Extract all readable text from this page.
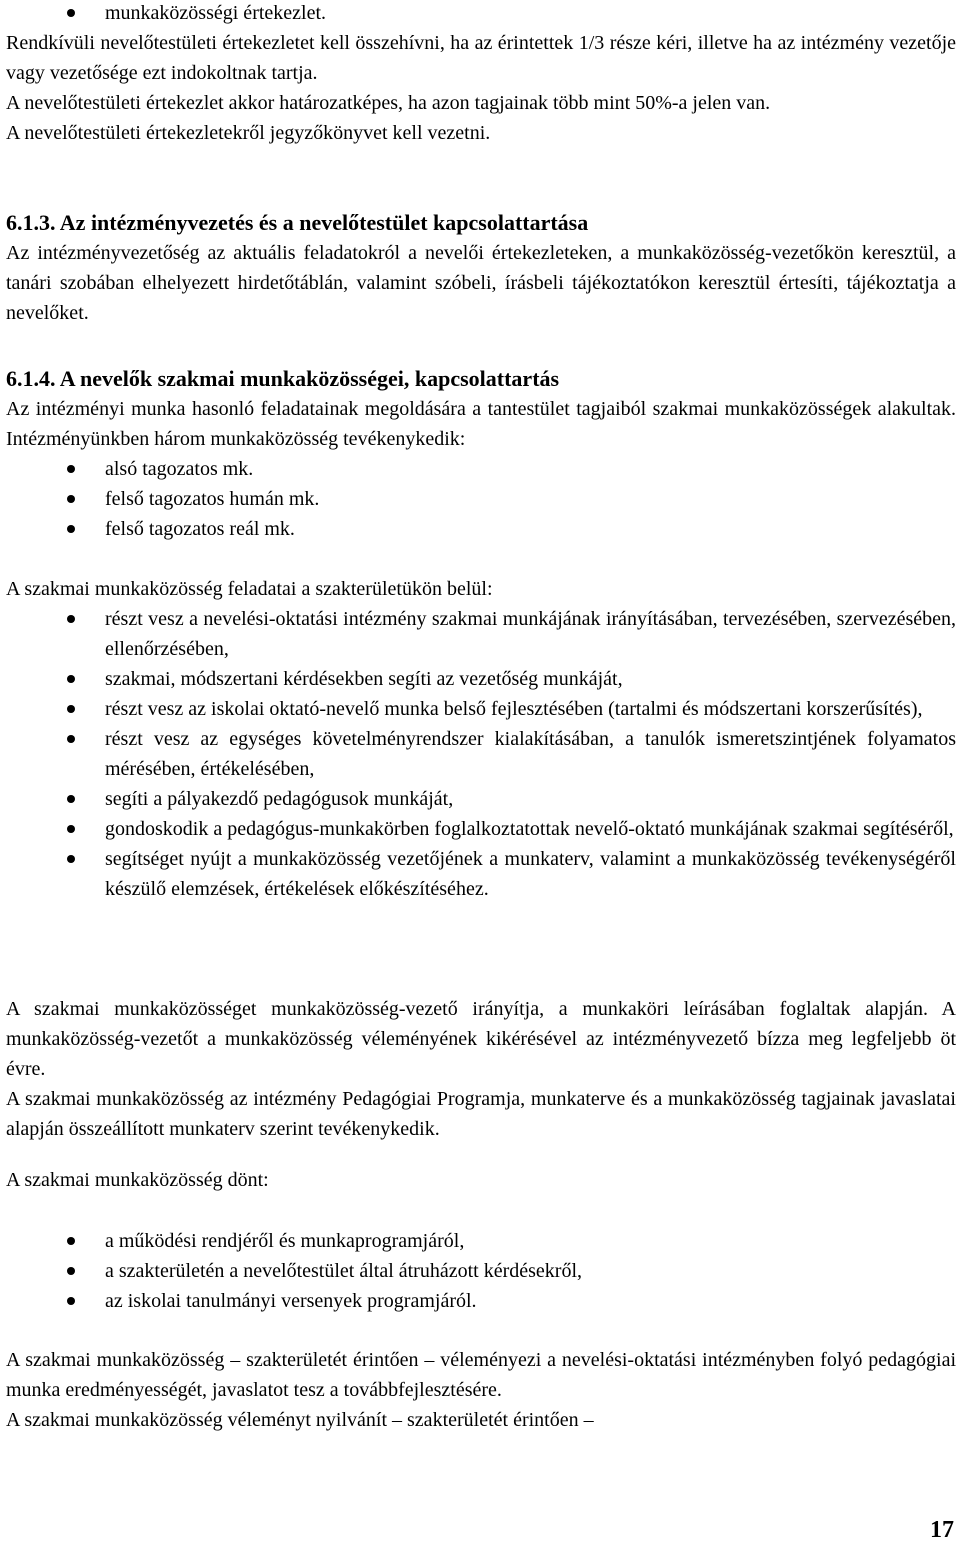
munkaközösségi értekezlet.

Rendkívüli nevelőtestületi értekezletet kell összehívni, ha az érintettek 1/3 része kéri, illetve ha az intézmény vezetője vagy vezetősége ezt indokoltnak tartja.

A nevelőtestületi értekezlet akkor határozatképes, ha azon tagjainak több mint 50%-a jelen van.

A nevelőtestületi értekezletekről jegyzőkönyvet kell vezetni.

6.1.3. Az intézményvezetés és a nevelőtestület kapcsolattartása

Az intézményvezetőség az aktuális feladatokról a nevelői értekezleteken, a munkaközösség-vezetőkön keresztül, a tanári szobában elhelyezett hirdetőtáblán, valamint szóbeli, írásbeli tájékoztatókon keresztül értesíti, tájékoztatja a nevelőket.

6.1.4. A nevelők szakmai munkaközösségei, kapcsolattartás

Az intézményi munka hasonló feladatainak megoldására a tantestület tagjaiból szakmai munkaközösségek alakultak. Intézményünkben három munkaközösség tevékenykedik:

alsó tagozatos mk.
felső tagozatos humán mk.
felső tagozatos reál mk.

A szakmai munkaközösség feladatai a szakterületükön belül:

részt vesz a nevelési-oktatási intézmény szakmai munkájának irányításában, tervezésében, szervezésében, ellenőrzésében,
szakmai, módszertani kérdésekben segíti az vezetőség munkáját,
részt vesz az iskolai oktató-nevelő munka belső fejlesztésében (tartalmi és módszertani korszerűsítés),
részt vesz az egységes követelményrendszer kialakításában, a tanulók ismeretszintjének folyamatos mérésében, értékelésében,
segíti a pályakezdő pedagógusok munkáját,
gondoskodik a pedagógus-munkakörben foglalkoztatottak nevelő-oktató munkájának szakmai segítéséről,
segítséget nyújt a munkaközösség vezetőjének a munkaterv, valamint a munkaközösség tevékenységéről készülő elemzések, értékelések előkészítéséhez.

A szakmai munkaközösséget munkaközösség-vezető irányítja, a munkaköri leírásában foglaltak alapján. A munkaközösség-vezetőt a munkaközösség véleményének kikérésével az intézményvezető bízza meg legfeljebb öt évre.

A szakmai munkaközösség az intézmény Pedagógiai Programja, munkaterve és a munkaközösség tagjainak javaslatai alapján összeállított munkaterv szerint tevékenykedik.

A szakmai munkaközösség dönt:

a működési rendjéről és munkaprogramjáról,
a szakterületén a nevelőtestület által átruházott kérdésekről,
az iskolai tanulmányi versenyek programjáról.

A szakmai munkaközösség – szakterületét érintően – véleményezi a nevelési-oktatási intézményben folyó pedagógiai munka eredményességét, javaslatot tesz a továbbfejlesztésére.

A szakmai munkaközösség véleményt nyilvánít – szakterületét érintően –

17
